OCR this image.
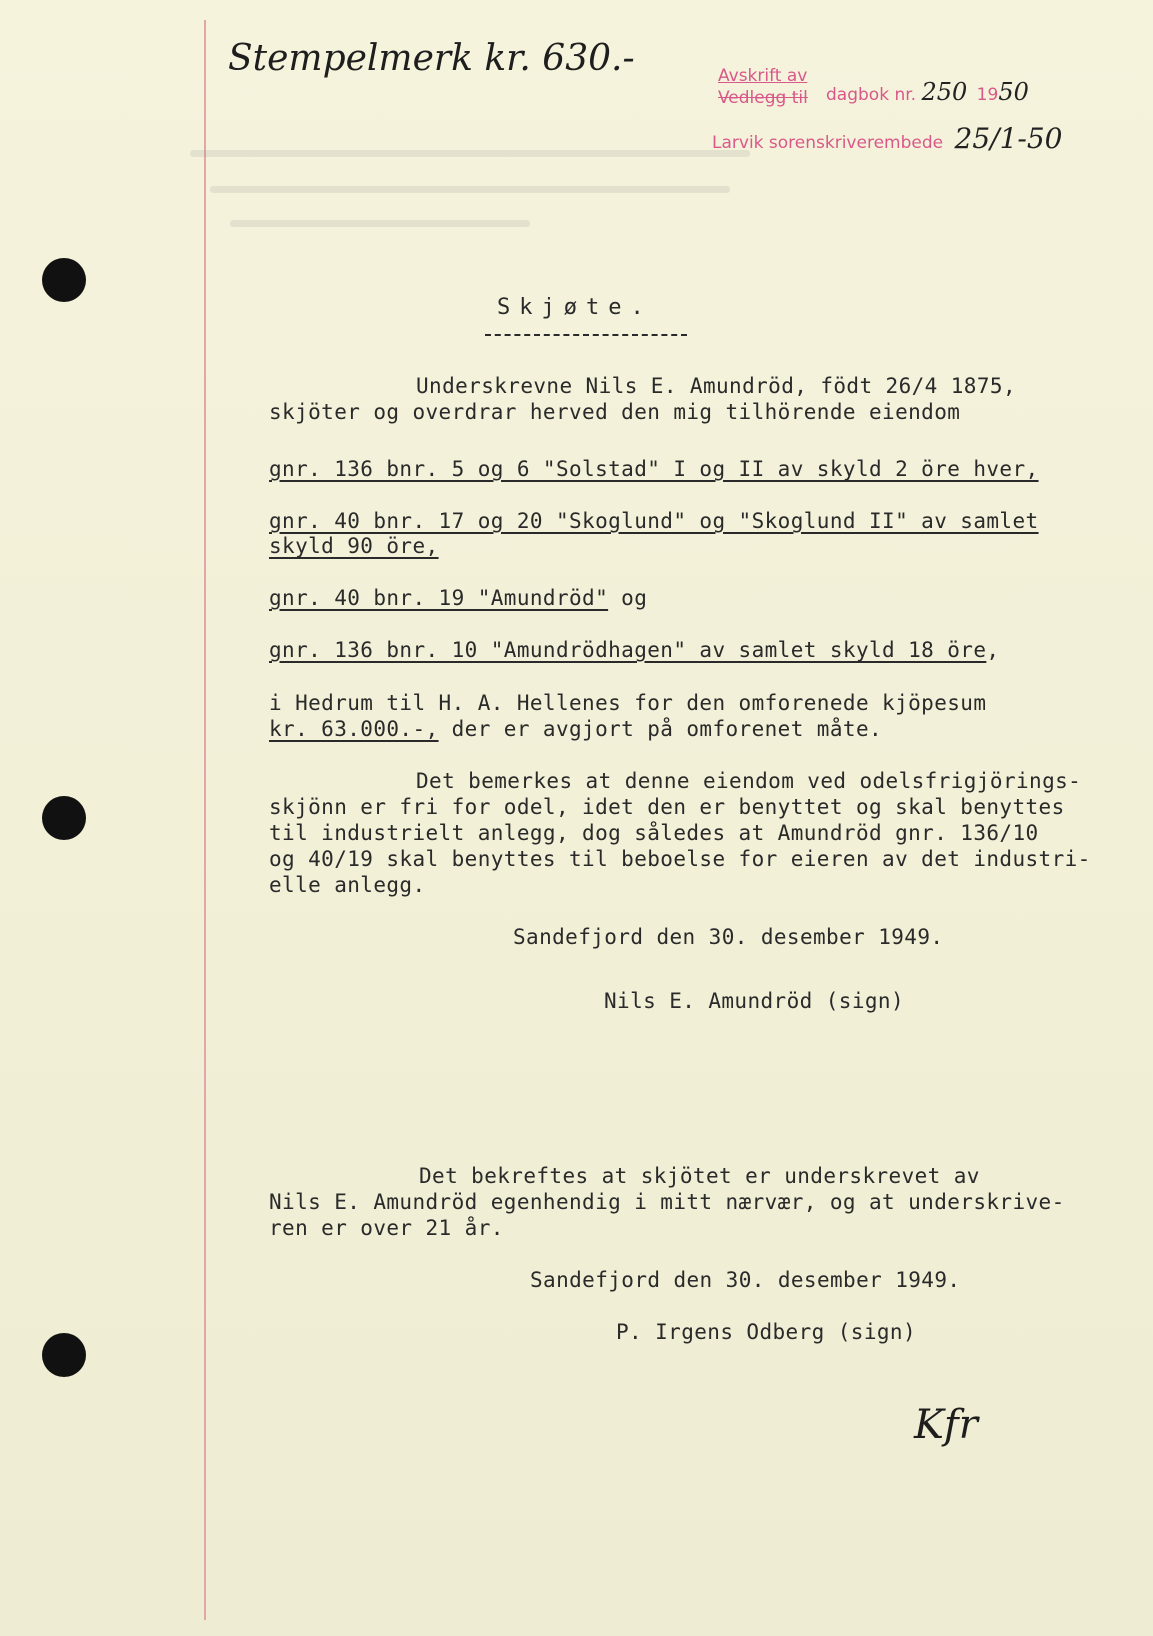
Stempelmerk kr. 630.-	Avskrift av
Vedlegg til dagbok nr. 250 1950
Larvik sorenskriverembede 25/1-50
Skjøte.
Underskrevne Nils E. Amundröd, födt 26/4 1875,
skjöter og overdrar herved den mig tilhörende eiendom
gnr. 136 bnr. 5 og 6 "Solstad" I og II av skyld 2 öre hver,
gnr. 40 bnr. 17 og 20 "Skoglund" og "Skoglund II" av samlet
skyld 90 öre,
gnr. 40 bnr. 19 "Amundröd" og
gnr. 136 bnr. 10 "Amundrödhagen" av samlet skyld 18 öre,
i Hedrum til H. A. Hellenes for den omforenede kjöpesum
kr. 63.000.-, der er avgjort på omforenet måte.
Det bemerkes at denne eiendom ved odelsfrigjörings-
skjönn er fri for odel, idet den er benyttet og skal benyttes
til industrielt anlegg, dog således at Amundröd gnr. 136/10
og 40/19 skal benyttes til beboelse for eieren av det industri-
elle anlegg.
Sandefjord den 30. desember 1949.
Nils E. Amundröd (sign)
Det bekreftes at skjötet er underskrevet av
Nils E. Amundröd egenhendig i mitt nærvær, og at underskrive-
ren er over 21 år.
Sandefjord den 30. desember 1949.
P. Irgens Odberg (sign)
Kfr
